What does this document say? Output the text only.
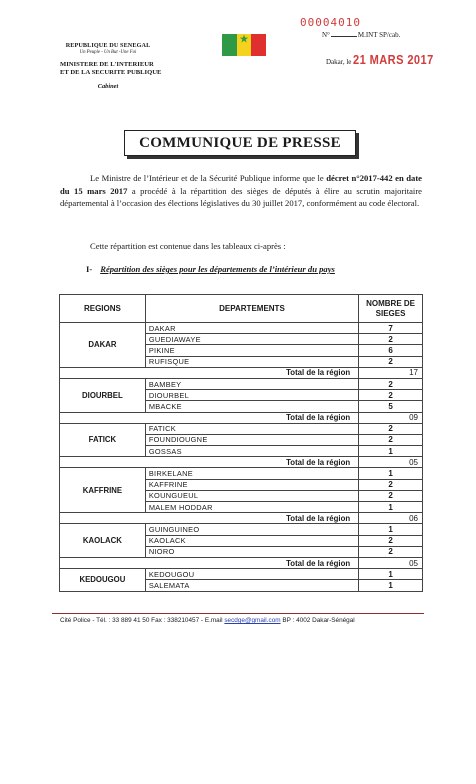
REPUBLIQUE DU SENEGAL
Un Peuple - Un But -Une Foi
MINISTERE DE L'INTERIEUR
ET DE LA SECURITE PUBLIQUE
Cabinet
★
00004010
N°	M.INT SP/cab.
Dakar, le 21 MARS 2017
COMMUNIQUE DE PRESSE

Le Ministre de l’Intérieur et de la Sécurité Publique informe que le décret n°2017-442 en date du 15 mars 2017 a procédé à la répartition des sièges de députés à élire au scrutin majoritaire départemental à l’occasion des élections législatives du 30 juillet 2017, conformément au code électoral.

Cette répartition est contenue dans les tableaux ci-après :

I- Répartition des sièges pour les départements de l’intérieur du pays
REGIONS	DEPARTEMENTS	NOMBRE DE
SIEGES
DAKAR	DAKAR	7
	GUEDIAWAYE	2
	PIKINE	6
	RUFISQUE	2
Total de la région		17
DIOURBEL	BAMBEY	2
	DIOURBEL	2
	MBACKE	5
Total de la région		09
FATICK	FATICK	2
	FOUNDIOUGNE	2
	GOSSAS	1
Total de la région		05
KAFFRINE	BIRKELANE	1
	KAFFRINE	2
	KOUNGUEUL	2
	MALEM HODDAR	1
Total de la région		06
KAOLACK	GUINGUINEO	1
	KAOLACK	2
	NIORO	2
Total de la région		05
KEDOUGOU	KEDOUGOU	1
	SALEMATA	1
Cité Police - Tél. : 33 889 41 50 Fax : 338210457 - E.mail secdge@gmail.com BP : 4002 Dakar-Sénégal
